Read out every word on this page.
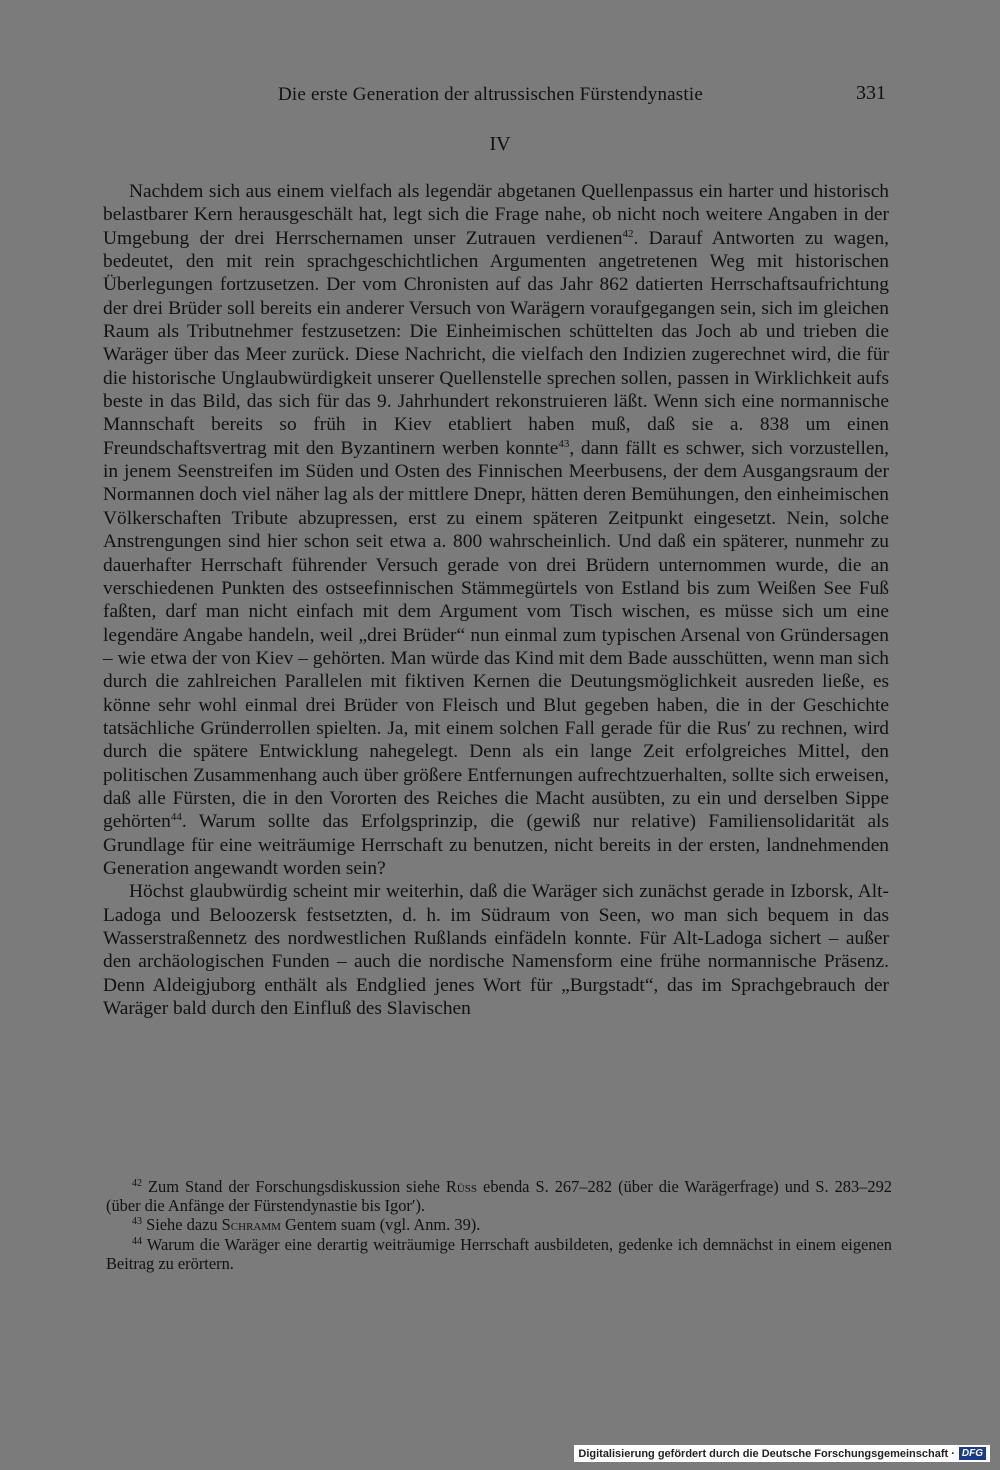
Die erste Generation der altrussischen Fürstendynastie	331
IV

Nachdem sich aus einem vielfach als legendär abgetanen Quellenpassus ein harter und historisch belastbarer Kern herausgeschält hat, legt sich die Frage nahe, ob nicht noch weitere Angaben in der Umgebung der drei Herrschernamen unser Zutrauen verdienen$^{42}$. Darauf Antworten zu wagen, bedeutet, den mit rein sprachgeschichtlichen Argumenten angetretenen Weg mit historischen Überlegungen fortzusetzen. Der vom Chronisten auf das Jahr 862 datierten Herrschaftsaufrichtung der drei Brüder soll bereits ein anderer Versuch von Warägern voraufgegangen sein, sich im gleichen Raum als Tributnehmer festzusetzen: Die Einheimischen schüttelten das Joch ab und trieben die Waräger über das Meer zurück. Diese Nachricht, die vielfach den Indizien zugerechnet wird, die für die historische Unglaubwürdigkeit unserer Quellenstelle sprechen sollen, passen in Wirklichkeit aufs beste in das Bild, das sich für das 9. Jahrhundert rekonstruieren läßt. Wenn sich eine normannische Mannschaft bereits so früh in Kiev etabliert haben muß, daß sie a. 838 um einen Freundschaftsvertrag mit den Byzantinern werben konnte$^{43}$, dann fällt es schwer, sich vorzustellen, in jenem Seenstreifen im Süden und Osten des Finnischen Meerbusens, der dem Ausgangsraum der Normannen doch viel näher lag als der mittlere Dnepr, hätten deren Bemühungen, den einheimischen Völkerschaften Tribute abzupressen, erst zu einem späteren Zeitpunkt eingesetzt. Nein, solche Anstrengungen sind hier schon seit etwa a. 800 wahrscheinlich. Und daß ein späterer, nunmehr zu dauerhafter Herrschaft führender Versuch gerade von drei Brüdern unternommen wurde, die an verschiedenen Punkten des ostseefinnischen Stämmegürtels von Estland bis zum Weißen See Fuß faßten, darf man nicht einfach mit dem Argument vom Tisch wischen, es müsse sich um eine legendäre Angabe handeln, weil „drei Brüder“ nun einmal zum typischen Arsenal von Gründersagen – wie etwa der von Kiev – gehörten. Man würde das Kind mit dem Bade ausschütten, wenn man sich durch die zahlreichen Parallelen mit fiktiven Kernen die Deutungsmöglichkeit ausreden ließe, es könne sehr wohl einmal drei Brüder von Fleisch und Blut gegeben haben, die in der Geschichte tatsächliche Gründerrollen spielten. Ja, mit einem solchen Fall gerade für die Rusʹ zu rechnen, wird durch die spätere Entwicklung nahegelegt. Denn als ein lange Zeit erfolgreiches Mittel, den politischen Zusammenhang auch über größere Entfernungen aufrechtzuerhalten, sollte sich erweisen, daß alle Fürsten, die in den Vororten des Reiches die Macht ausübten, zu ein und derselben Sippe gehörten$^{44}$. Warum sollte das Erfolgsprinzip, die (gewiß nur relative) Familiensolidarität als Grundlage für eine weiträumige Herrschaft zu benutzen, nicht bereits in der ersten, landnehmenden Generation angewandt worden sein?

Höchst glaubwürdig scheint mir weiterhin, daß die Waräger sich zunächst gerade in Izborsk, Alt-Ladoga und Beloozersk festsetzten, d. h. im Südraum von Seen, wo man sich bequem in das Wasserstraßennetz des nordwestlichen Rußlands einfädeln konnte. Für Alt-Ladoga sichert – außer den archäologischen Funden – auch die nordische Namensform eine frühe normannische Präsenz. Denn Aldeigjuborg enthält als Endglied jenes Wort für „Burgstadt“, das im Sprachgebrauch der Waräger bald durch den Einfluß des Slavischen

$^{42}$ Zum Stand der Forschungsdiskussion siehe Rüss ebenda S. 267–282 (über die Warägerfrage) und S. 283–292 (über die Anfänge der Fürstendynastie bis Igorʹ).

$^{43}$ Siehe dazu Schramm Gentem suam (vgl. Anm. 39).

$^{44}$ Warum die Waräger eine derartig weiträumige Herrschaft ausbildeten, gedenke ich demnächst in einem eigenen Beitrag zu erörtern.

Digitalisierung gefördert durch die Deutsche Forschungsgemeinschaft · DFG
